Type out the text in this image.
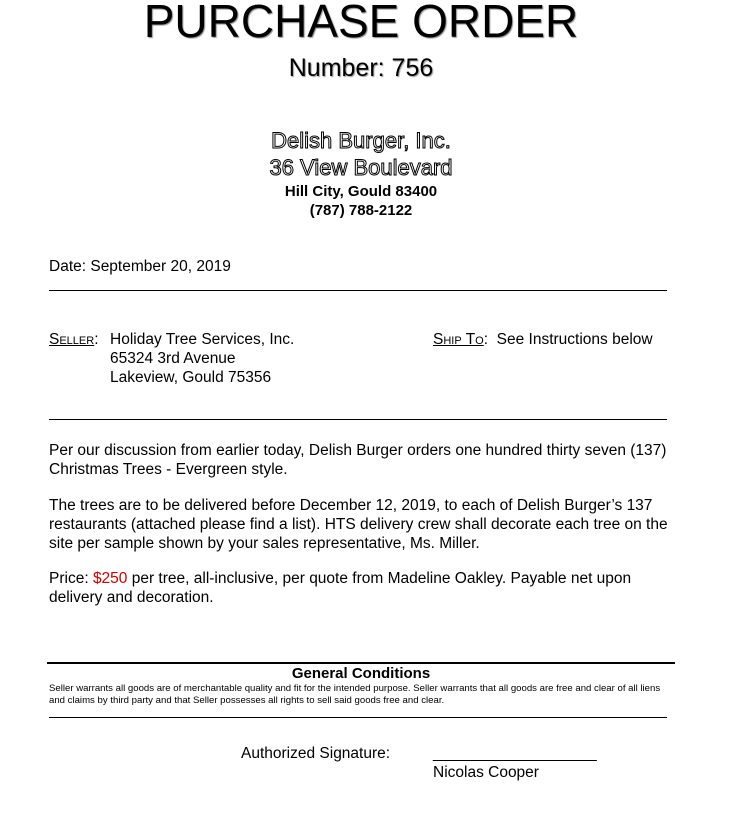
PURCHASE ORDER
Number: 756
Delish Burger, Inc.
36 View Boulevard
Hill City, Gould 83400
(787) 788-2122
Date: September 20, 2019
Seller: Holiday Tree Services, Inc.
65324 3rd Avenue
Lakeview, Gould 75356
Ship To:  See Instructions below
Per our discussion from earlier today, Delish Burger orders one hundred thirty seven (137) Christmas Trees - Evergreen style.
The trees are to be delivered before December 12, 2019, to each of Delish Burger’s 137 restaurants (attached please find a list). HTS delivery crew shall decorate each tree on the site per sample shown by your sales representative, Ms. Miller.
Price: $250 per tree, all-inclusive, per quote from Madeline Oakley. Payable net upon delivery and decoration.
General Conditions
Seller warrants all goods are of merchantable quality and fit for the intended purpose. Seller warrants that all goods are free and clear of all liens and claims by third party and that Seller possesses all rights to sell said goods free and clear.
Authorized Signature:	___________________
Nicolas Cooper
